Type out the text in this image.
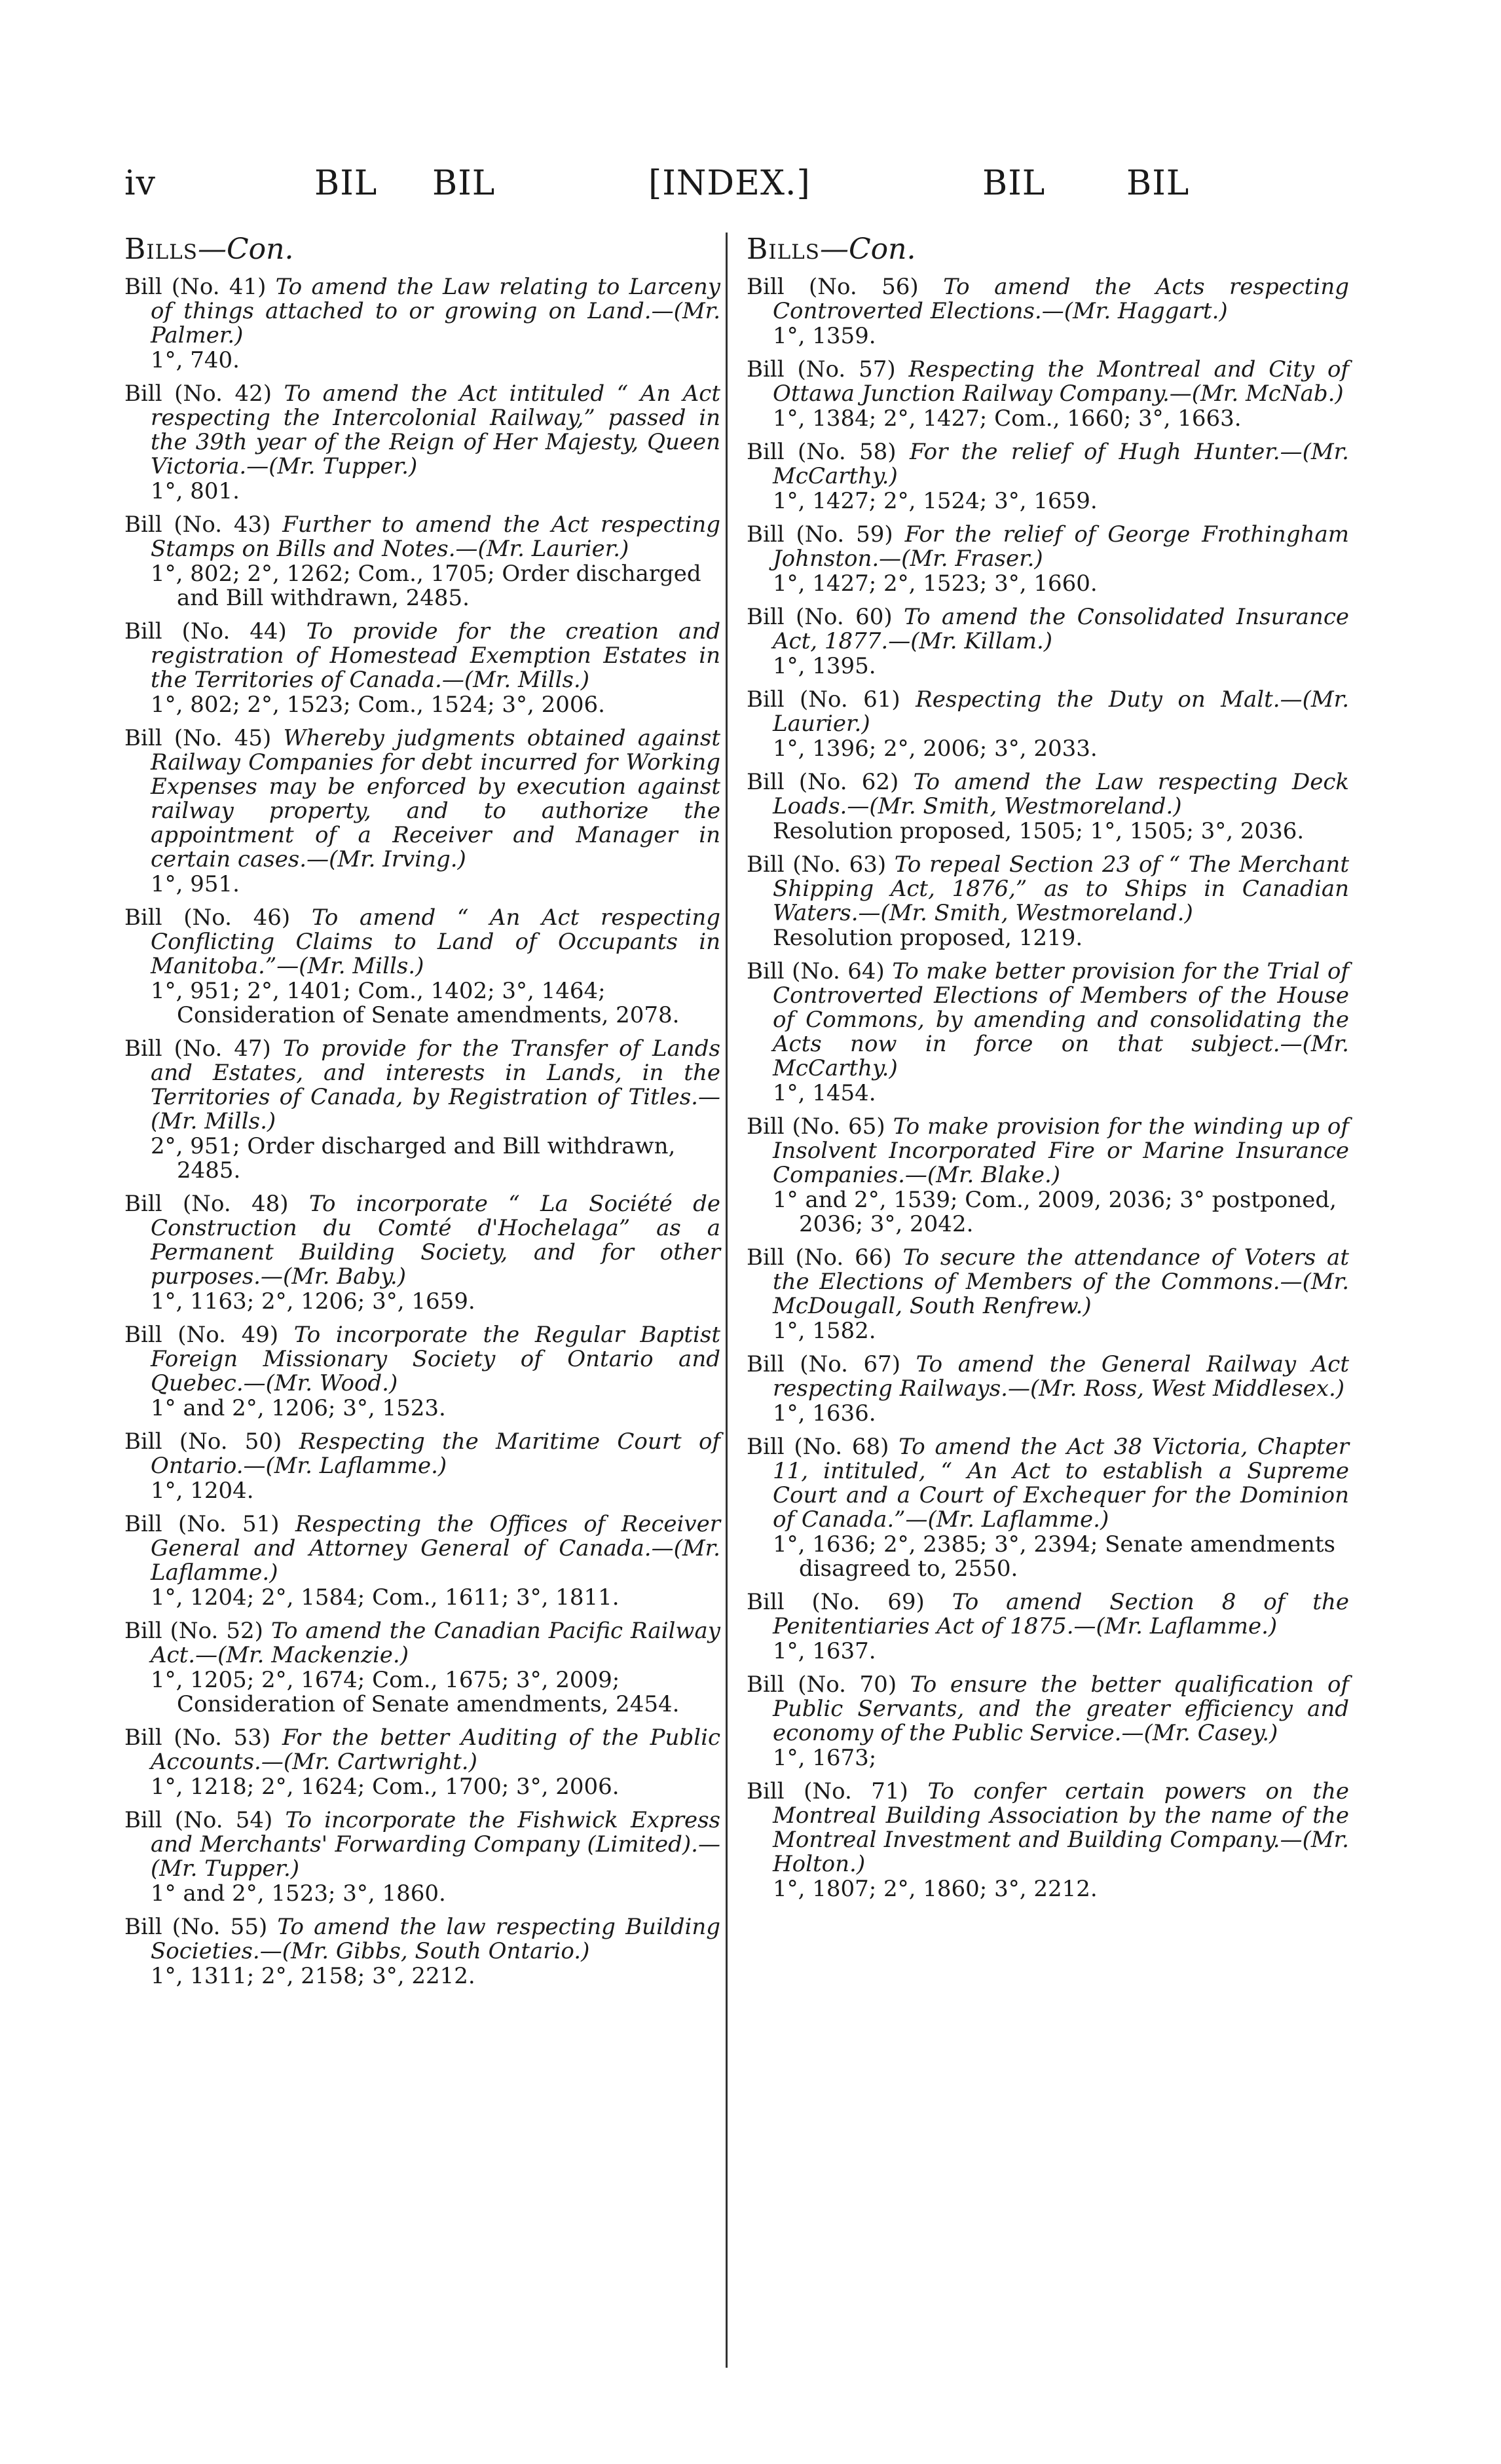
iv	BIL BIL	[INDEX.]	BIL BIL
Bills—Con.
Bill (No. 41) To amend the Law relating to Larceny of things attached to or growing on Land.—(Mr. Palmer.)
1°, 740.
Bill (No. 42) To amend the Act intituled “ An Act respecting the Intercolonial Railway,” passed in the 39th year of the Reign of Her Majesty, Queen Victoria.—(Mr. Tupper.)
1°, 801.
Bill (No. 43) Further to amend the Act respecting Stamps on Bills and Notes.—(Mr. Laurier.)
1°, 802; 2°, 1262; Com., 1705; Order discharged and Bill withdrawn, 2485.
Bill (No. 44) To provide for the creation and registration of Homestead Exemption Estates in the Territories of Canada.—(Mr. Mills.)
1°, 802; 2°, 1523; Com., 1524; 3°, 2006.
Bill (No. 45) Whereby judgments obtained against Railway Companies for debt incurred for Working Expenses may be enforced by execution against railway property, and to authorize the appointment of a Receiver and Manager in certain cases.—(Mr. Irving.)
1°, 951.
Bill (No. 46) To amend “ An Act respecting Conflicting Claims to Land of Occupants in Manitoba.”—(Mr. Mills.)
1°, 951; 2°, 1401; Com., 1402; 3°, 1464; Consideration of Senate amendments, 2078.
Bill (No. 47) To provide for the Transfer of Lands and Estates, and interests in Lands, in the Territories of Canada, by Registration of Titles.—(Mr. Mills.)
2°, 951; Order discharged and Bill withdrawn, 2485.
Bill (No. 48) To incorporate “ La Société de Construction du Comté d'Hochelaga” as a Permanent Building Society, and for other purposes.—(Mr. Baby.)
1°, 1163; 2°, 1206; 3°, 1659.
Bill (No. 49) To incorporate the Regular Baptist Foreign Missionary Society of Ontario and Quebec.—(Mr. Wood.)
1° and 2°, 1206; 3°, 1523.
Bill (No. 50) Respecting the Maritime Court of Ontario.—(Mr. Laflamme.)
1°, 1204.
Bill (No. 51) Respecting the Offices of Receiver General and Attorney General of Canada.—(Mr. Laflamme.)
1°, 1204; 2°, 1584; Com., 1611; 3°, 1811.
Bill (No. 52) To amend the Canadian Pacific Railway Act.—(Mr. Mackenzie.)
1°, 1205; 2°, 1674; Com., 1675; 3°, 2009; Consideration of Senate amendments, 2454.
Bill (No. 53) For the better Auditing of the Public Accounts.—(Mr. Cartwright.)
1°, 1218; 2°, 1624; Com., 1700; 3°, 2006.
Bill (No. 54) To incorporate the Fishwick Express and Merchants' Forwarding Company (Limited).—(Mr. Tupper.)
1° and 2°, 1523; 3°, 1860.
Bill (No. 55) To amend the law respecting Building Societies.—(Mr. Gibbs, South Ontario.)
1°, 1311; 2°, 2158; 3°, 2212.
Bills—Con.
Bill (No. 56) To amend the Acts respecting Controverted Elections.—(Mr. Haggart.)
1°, 1359.
Bill (No. 57) Respecting the Montreal and City of Ottawa Junction Railway Company.—(Mr. McNab.)
1°, 1384; 2°, 1427; Com., 1660; 3°, 1663.
Bill (No. 58) For the relief of Hugh Hunter.—(Mr. McCarthy.)
1°, 1427; 2°, 1524; 3°, 1659.
Bill (No. 59) For the relief of George Frothingham Johnston.—(Mr. Fraser.)
1°, 1427; 2°, 1523; 3°, 1660.
Bill (No. 60) To amend the Consolidated Insurance Act, 1877.—(Mr. Killam.)
1°, 1395.
Bill (No. 61) Respecting the Duty on Malt.—(Mr. Laurier.)
1°, 1396; 2°, 2006; 3°, 2033.
Bill (No. 62) To amend the Law respecting Deck Loads.—(Mr. Smith, Westmoreland.)
Resolution proposed, 1505; 1°, 1505; 3°, 2036.
Bill (No. 63) To repeal Section 23 of “ The Merchant Shipping Act, 1876,” as to Ships in Canadian Waters.—(Mr. Smith, Westmoreland.)
Resolution proposed, 1219.
Bill (No. 64) To make better provision for the Trial of Controverted Elections of Members of the House of Commons, by amending and consolidating the Acts now in force on that subject.—(Mr. McCarthy.)
1°, 1454.
Bill (No. 65) To make provision for the winding up of Insolvent Incorporated Fire or Marine Insurance Companies.—(Mr. Blake.)
1° and 2°, 1539; Com., 2009, 2036; 3° postponed, 2036; 3°, 2042.
Bill (No. 66) To secure the attendance of Voters at the Elections of Members of the Commons.—(Mr. McDougall, South Renfrew.)
1°, 1582.
Bill (No. 67) To amend the General Railway Act respecting Railways.—(Mr. Ross, West Middlesex.)
1°, 1636.
Bill (No. 68) To amend the Act 38 Victoria, Chapter 11, intituled, “ An Act to establish a Supreme Court and a Court of Exchequer for the Dominion of Canada.”—(Mr. Laflamme.)
1°, 1636; 2°, 2385; 3°, 2394; Senate amendments disagreed to, 2550.
Bill (No. 69) To amend Section 8 of the Penitentiaries Act of 1875.—(Mr. Laflamme.)
1°, 1637.
Bill (No. 70) To ensure the better qualification of Public Servants, and the greater efficiency and economy of the Public Service.—(Mr. Casey.)
1°, 1673;
Bill (No. 71) To confer certain powers on the Montreal Building Association by the name of the Montreal Investment and Building Company.—(Mr. Holton.)
1°, 1807; 2°, 1860; 3°, 2212.
